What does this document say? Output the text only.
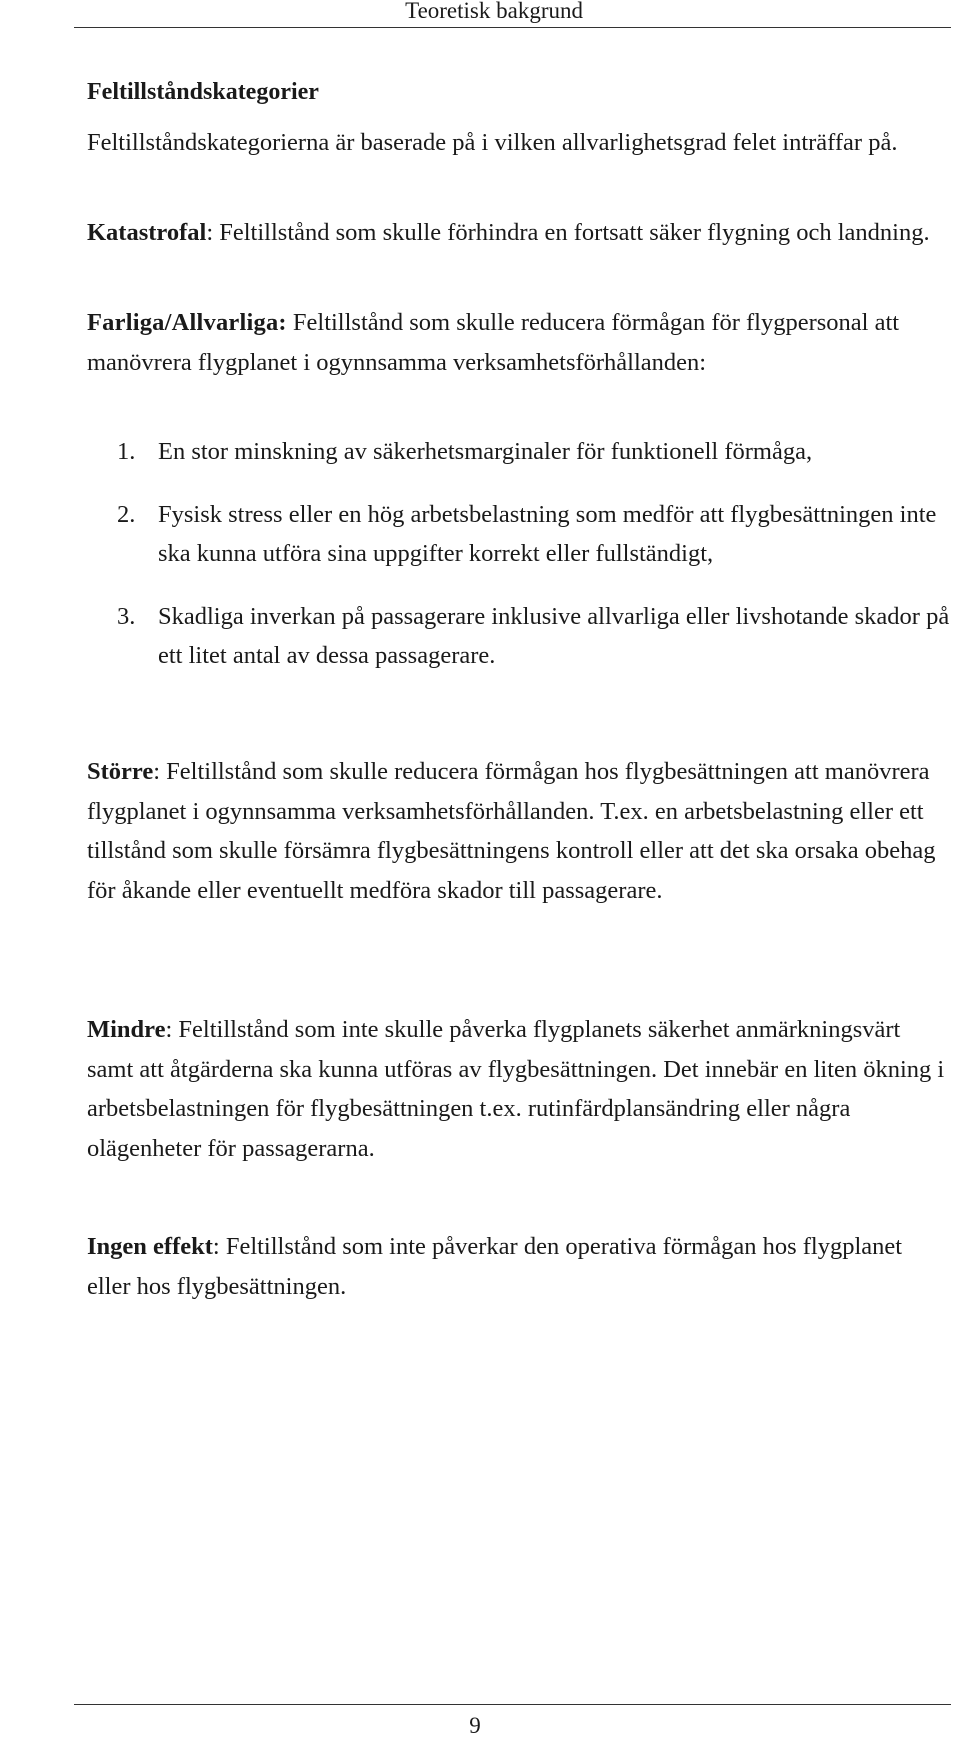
Teoretisk bakgrund
Feltillståndskategorier

Feltillståndskategorierna är baserade på i vilken allvarlighetsgrad felet inträffar på.

Katastrofal: Feltillstånd som skulle förhindra en fortsatt säker flygning och landning.

Farliga/Allvarliga: Feltillstånd som skulle reducera förmågan för flygpersonal att manövrera flygplanet i ogynnsamma verksamhetsförhållanden:

1. En stor minskning av säkerhetsmarginaler för funktionell förmåga,
2. Fysisk stress eller en hög arbetsbelastning som medför att flygbesättningen inte ska kunna utföra sina uppgifter korrekt eller fullständigt,
3. Skadliga inverkan på passagerare inklusive allvarliga eller livshotande skador på ett litet antal av dessa passagerare.

Större: Feltillstånd som skulle reducera förmågan hos flygbesättningen att manövrera flygplanet i ogynnsamma verksamhetsförhållanden. T.ex. en arbetsbelastning eller ett tillstånd som skulle försämra flygbesättningens kontroll eller att det ska orsaka obehag för åkande eller eventuellt medföra skador till passagerare.

Mindre: Feltillstånd som inte skulle påverka flygplanets säkerhet anmärkningsvärt samt att åtgärderna ska kunna utföras av flygbesättningen. Det innebär en liten ökning i arbetsbelastningen för flygbesättningen t.ex. rutinfärdplansändring eller några olägenheter för passagerarna.

Ingen effekt: Feltillstånd som inte påverkar den operativa förmågan hos flygplanet eller hos flygbesättningen.

9
